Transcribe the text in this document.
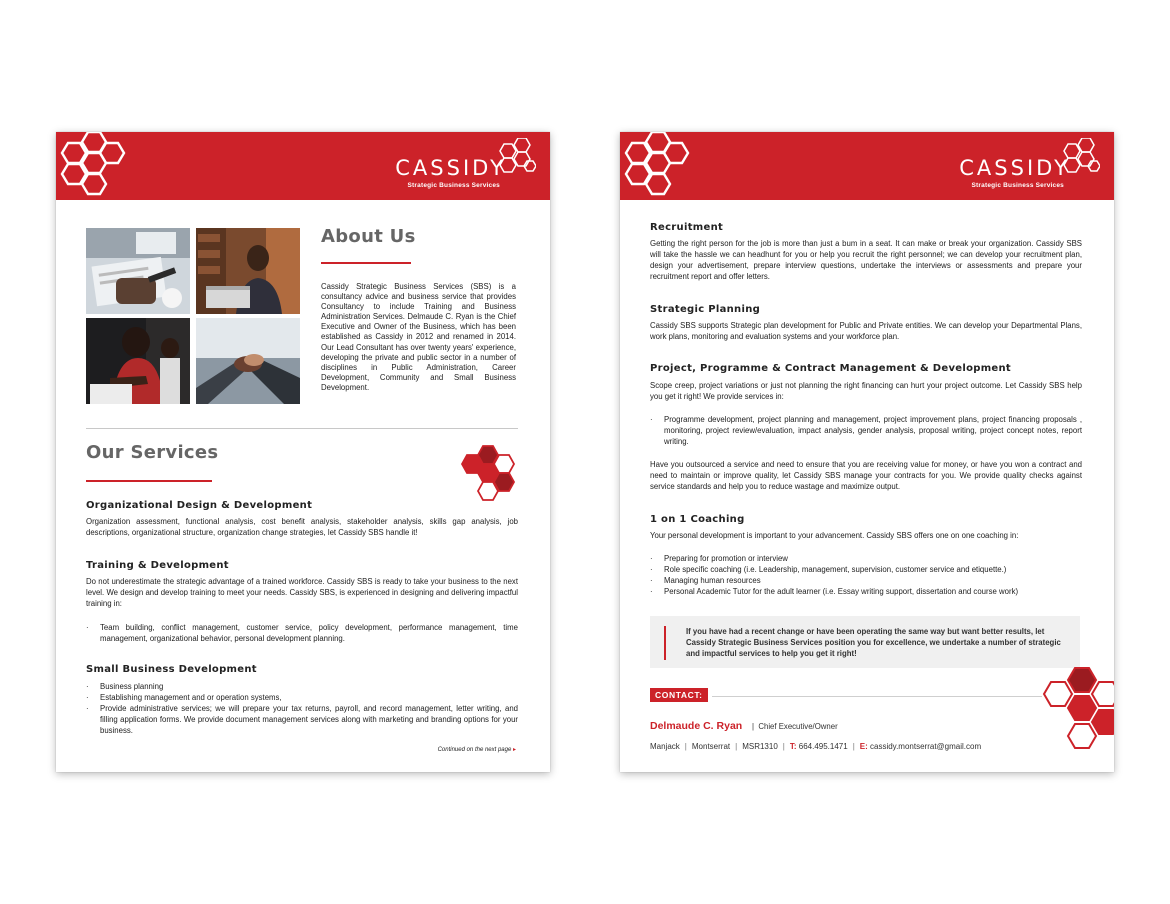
CASSIDY
Strategic Business Services
About Us
Cassidy Strategic Business Services (SBS) is a consultancy advice and business service that provides Consultancy to include Training and Business Administration Services. Delmaude C. Ryan is the Chief Executive and Owner of the Business, which has been established as Cassidy in 2012 and renamed in 2014. Our Lead Consultant has over twenty years' experience, developing the private and public sector in a number of disciplines in Public Administration, Career Development, Community and Small Business Development.
Our Services
Organizational Design & Development
Organization assessment, functional analysis, cost benefit analysis, stakeholder analysis, skills gap analysis, job descriptions, organizational structure, organization change strategies, let Cassidy SBS handle it!
Training & Development
Do not underestimate the strategic advantage of a trained workforce. Cassidy SBS is ready to take your business to the next level. We design and develop training to meet your needs. Cassidy SBS, is experienced in designing and delivering impactful training in:
· Team building, conflict management, customer service, policy development, performance management, time management, organizational behavior, personal development planning.
Small Business Development
· Business planning
· Establishing management and or operation systems,
· Provide administrative services; we will prepare your tax returns, payroll, and record management, letter writing, and filling application forms. We provide document management services along with marketing and branding options for your business.
Continued on the next page ▸
CASSIDY
Strategic Business Services
Recruitment
Getting the right person for the job is more than just a bum in a seat. It can make or break your organization. Cassidy SBS will take the hassle we can headhunt for you or help you recruit the right personnel; we can develop your recruitment plan, design your advertisement, prepare interview questions, undertake the interviews or assessments and prepare your recruitment report and offer letters.
Strategic Planning
Cassidy SBS supports Strategic plan development for Public and Private entities. We can develop your Departmental Plans, work plans, monitoring and evaluation systems and your workforce plan.
Project, Programme & Contract Management & Development
Scope creep, project variations or just not planning the right financing can hurt your project outcome. Let Cassidy SBS help you get it right! We provide services in:
· Programme development, project planning and management, project improvement plans, project financing proposals , monitoring, project review/evaluation, impact analysis, gender analysis, proposal writing, project concept notes, report writing.
Have you outsourced a service and need to ensure that you are receiving value for money, or have you won a contract and need to maintain or improve quality, let Cassidy SBS manage your contracts for you. We provide quality checks against service standards and help you to reduce wastage and maximize output.
1 on 1 Coaching
Your personal development is important to your advancement. Cassidy SBS offers one on one coaching in:
· Preparing for promotion or interview
· Role specific coaching (i.e. Leadership, management, supervision, customer service and etiquette.)
· Managing human resources
· Personal Academic Tutor for the adult learner (i.e. Essay writing support, dissertation and course work)
If you have had a recent change or have been operating the same way but want better results, let Cassidy Strategic Business Services position you for excellence, we undertake a number of strategic and impactful services to help you get it right!
CONTACT:
Delmaude C. Ryan |  Chief Executive/Owner
Manjack | Montserrat | MSR1310 | T: 664.495.1471 | E: cassidy.montserrat@gmail.com
